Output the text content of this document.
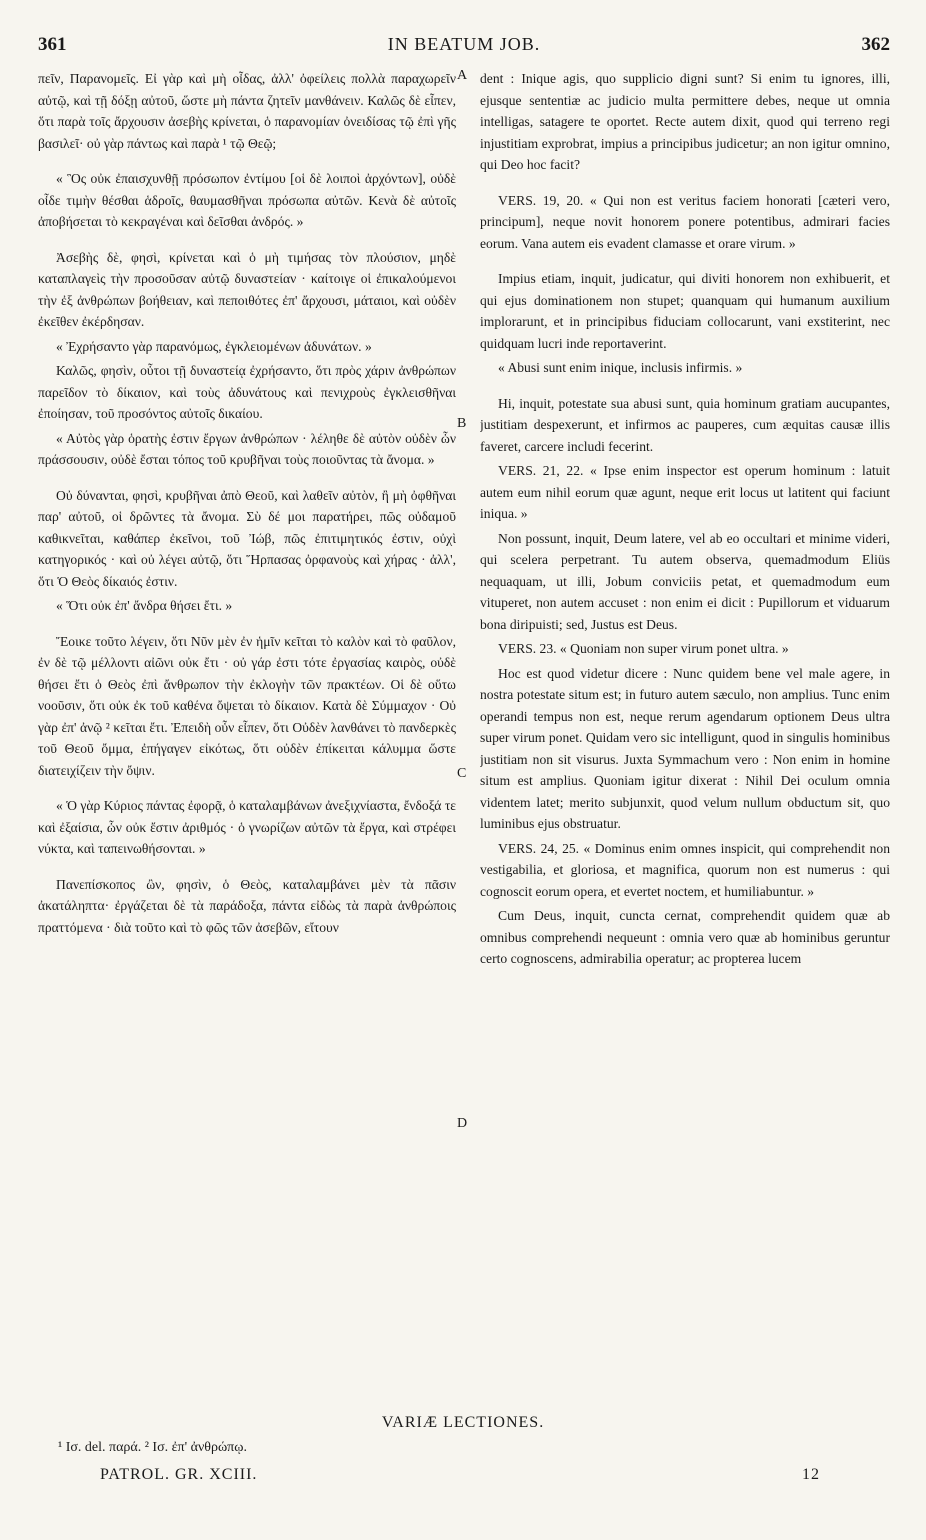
361	IN BEATUM JOB.	362

πεῖν, Παρανομεῖς. Εἰ γὰρ καὶ μὴ οἶδας, ἀλλ' ὀφείλεις πολλὰ παραχωρεῖν αὐτῷ, καὶ τῇ δόξῃ αὐτοῦ, ὥστε μὴ πάντα ζητεῖν μανθάνειν. Καλῶς δὲ εἶπεν, ὅτι παρὰ τοῖς ἄρχουσιν ἀσεβὴς κρίνεται, ὁ παρανομίαν ὀνειδίσας τῷ ἐπὶ γῆς βασιλεῖ· οὐ γὰρ πάντως καὶ παρὰ ¹ τῷ Θεῷ;

« Ὃς οὐκ ἐπαισχυνθῇ πρόσωπον ἐντίμου [οἱ δὲ λοιποὶ ἀρχόντων], οὐδὲ οἶδε τιμὴν θέσθαι ἁδροῖς, θαυμασθῆναι πρόσωπα αὐτῶν. Κενὰ δὲ αὐτοῖς ἀποβήσεται τὸ κεκραγέναι καὶ δεῖσθαι ἀνδρός. »

Ἀσεβὴς δὲ, φησὶ, κρίνεται καὶ ὁ μὴ τιμήσας τὸν πλούσιον, μηδὲ καταπλαγεὶς τὴν προσοῦσαν αὐτῷ δυναστείαν · καίτοιγε οἱ ἐπικαλούμενοι τὴν ἐξ ἀνθρώπων βοήθειαν, καὶ πεποιθότες ἐπ' ἄρχουσι, μάταιοι, καὶ οὐδὲν ἐκεῖθεν ἐκέρδησαν.

« Ἐχρήσαντο γὰρ παρανόμως, ἐγκλειομένων ἀδυνάτων. »

Καλῶς, φησὶν, οὗτοι τῇ δυναστείᾳ ἐχρήσαντο, ὅτι πρὸς χάριν ἀνθρώπων παρεῖδον τὸ δίκαιον, καὶ τοὺς ἀδυνάτους καὶ πενιχροὺς ἐγκλεισθῆναι ἐποίησαν, τοῦ προσόντος αὐτοῖς δικαίου.

« Αὐτὸς γὰρ ὁρατὴς ἐστιν ἔργων ἀνθρώπων · λέληθε δὲ αὐτὸν οὐδὲν ὧν πράσσουσιν, οὐδὲ ἔσται τόπος τοῦ κρυβῆναι τοὺς ποιοῦντας τὰ ἄνομα. »

Οὐ δύνανται, φησὶ, κρυβῆναι ἀπὸ Θεοῦ, καὶ λαθεῖν αὐτὸν, ἢ μὴ ὀφθῆναι παρ' αὐτοῦ, οἱ δρῶντες τὰ ἄνομα. Σὺ δέ μοι παρατήρει, πῶς οὐδαμοῦ καθικνεῖται, καθάπερ ἐκεῖνοι, τοῦ Ἰώβ, πῶς ἐπιτιμητικός ἐστιν, οὐχὶ κατηγορικός · καὶ οὐ λέγει αὐτῷ, ὅτι Ἥρπασας ὀρφανοὺς καὶ χήρας · ἀλλ', ὅτι Ὁ Θεὸς δίκαιός ἐστιν.

« Ὅτι οὐκ ἐπ' ἄνδρα θήσει ἔτι. »

Ἔοικε τοῦτο λέγειν, ὅτι Νῦν μὲν ἐν ἡμῖν κεῖται τὸ καλὸν καὶ τὸ φαῦλον, ἐν δὲ τῷ μέλλοντι αἰῶνι οὐκ ἔτι · οὐ γάρ ἐστι τότε ἐργασίας καιρὸς, οὐδὲ θήσει ἔτι ὁ Θεὸς ἐπὶ ἄνθρωπον τὴν ἐκλογὴν τῶν πρακτέων. Οἱ δὲ οὕτω νοοῦσιν, ὅτι οὐκ ἐκ τοῦ καθένα ὄψεται τὸ δίκαιον. Κατὰ δὲ Σύμμαχον · Οὐ γὰρ ἐπ' ἀνῷ ² κεῖται ἔτι. Ἐπειδὴ οὖν εἶπεν, ὅτι Οὐδὲν λανθάνει τὸ πανδερκὲς τοῦ Θεοῦ ὄμμα, ἐπήγαγεν εἰκότως, ὅτι οὐδὲν ἐπίκειται κάλυμμα ὥστε διατειχίζειν τὴν ὄψιν.

« Ὁ γὰρ Κύριος πάντας ἐφορᾷ, ὁ καταλαμβάνων ἀνεξιχνίαστα, ἔνδοξά τε καὶ ἐξαίσια, ὧν οὐκ ἔστιν ἀριθμός · ὁ γνωρίζων αὐτῶν τὰ ἔργα, καὶ στρέφει νύκτα, καὶ ταπεινωθήσονται. »

Πανεπίσκοπος ὢν, φησὶν, ὁ Θεὸς, καταλαμβάνει μὲν τὰ πᾶσιν ἀκατάληπτα· ἐργάζεται δὲ τὰ παράδοξα, πάντα εἰδὼς τὰ παρὰ ἀνθρώποις πραττόμενα · διὰ τοῦτο καὶ τὸ φῶς τῶν ἀσεβῶν, εἴτουν

A
B
C
D

dent : Inique agis, quo supplicio digni sunt? Si enim tu ignores, illi, ejusque sententiæ ac judicio multa permittere debes, neque ut omnia intelligas, satagere te oportet. Recte autem dixit, quod qui terreno regi injustitiam exprobrat, impius a principibus judicetur; an non igitur omnino, qui Deo hoc facit?

VERS. 19, 20. « Qui non est veritus faciem honorati [cæteri vero, principum], neque novit honorem ponere potentibus, admirari facies eorum. Vana autem eis evadent clamasse et orare virum. »

Impius etiam, inquit, judicatur, qui diviti honorem non exhibuerit, et qui ejus dominationem non stupet; quanquam qui humanum auxilium implorarunt, et in principibus fiduciam collocarunt, vani exstiterint, nec quidquam lucri inde reportaverint.

« Abusi sunt enim inique, inclusis infirmis. »

Hi, inquit, potestate sua abusi sunt, quia hominum gratiam aucupantes, justitiam despexerunt, et infirmos ac pauperes, cum æquitas causæ illis faveret, carcere includi fecerint.

VERS. 21, 22. « Ipse enim inspector est operum hominum : latuit autem eum nihil eorum quæ agunt, neque erit locus ut latitent qui faciunt iniqua. »

Non possunt, inquit, Deum latere, vel ab eo occultari et minime videri, qui scelera perpetrant. Tu autem observa, quemadmodum Eliüs nequaquam, ut illi, Jobum conviciis petat, et quemadmodum eum vituperet, non autem accuset : non enim ei dicit : Pupillorum et viduarum bona diripuisti; sed, Justus est Deus.

VERS. 23. « Quoniam non super virum ponet ultra. »

Hoc est quod videtur dicere : Nunc quidem bene vel male agere, in nostra potestate situm est; in futuro autem sæculo, non amplius. Tunc enim operandi tempus non est, neque rerum agendarum optionem Deus ultra super virum ponet. Quidam vero sic intelligunt, quod in singulis hominibus justitiam non sit visurus. Juxta Symmachum vero : Non enim in homine situm est amplius. Quoniam igitur dixerat : Nihil Dei oculum omnia videntem latet; merito subjunxit, quod velum nullum obductum sit, quo luminibus ejus obstruatur.

VERS. 24, 25. « Dominus enim omnes inspicit, qui comprehendit non vestigabilia, et gloriosa, et magnifica, quorum non est numerus : qui cognoscit eorum opera, et evertet noctem, et humiliabuntur. »

Cum Deus, inquit, cuncta cernat, comprehendit quidem quæ ab omnibus comprehendi nequeunt : omnia vero quæ ab hominibus geruntur certo cognoscens, admirabilia operatur; ac propterea lucem

VARIÆ LECTIONES.
¹ Ισ. del. παρά. ² Ισ. ἐπ' ἀνθρώπῳ.
PATROL. GR. XCIII.	12
